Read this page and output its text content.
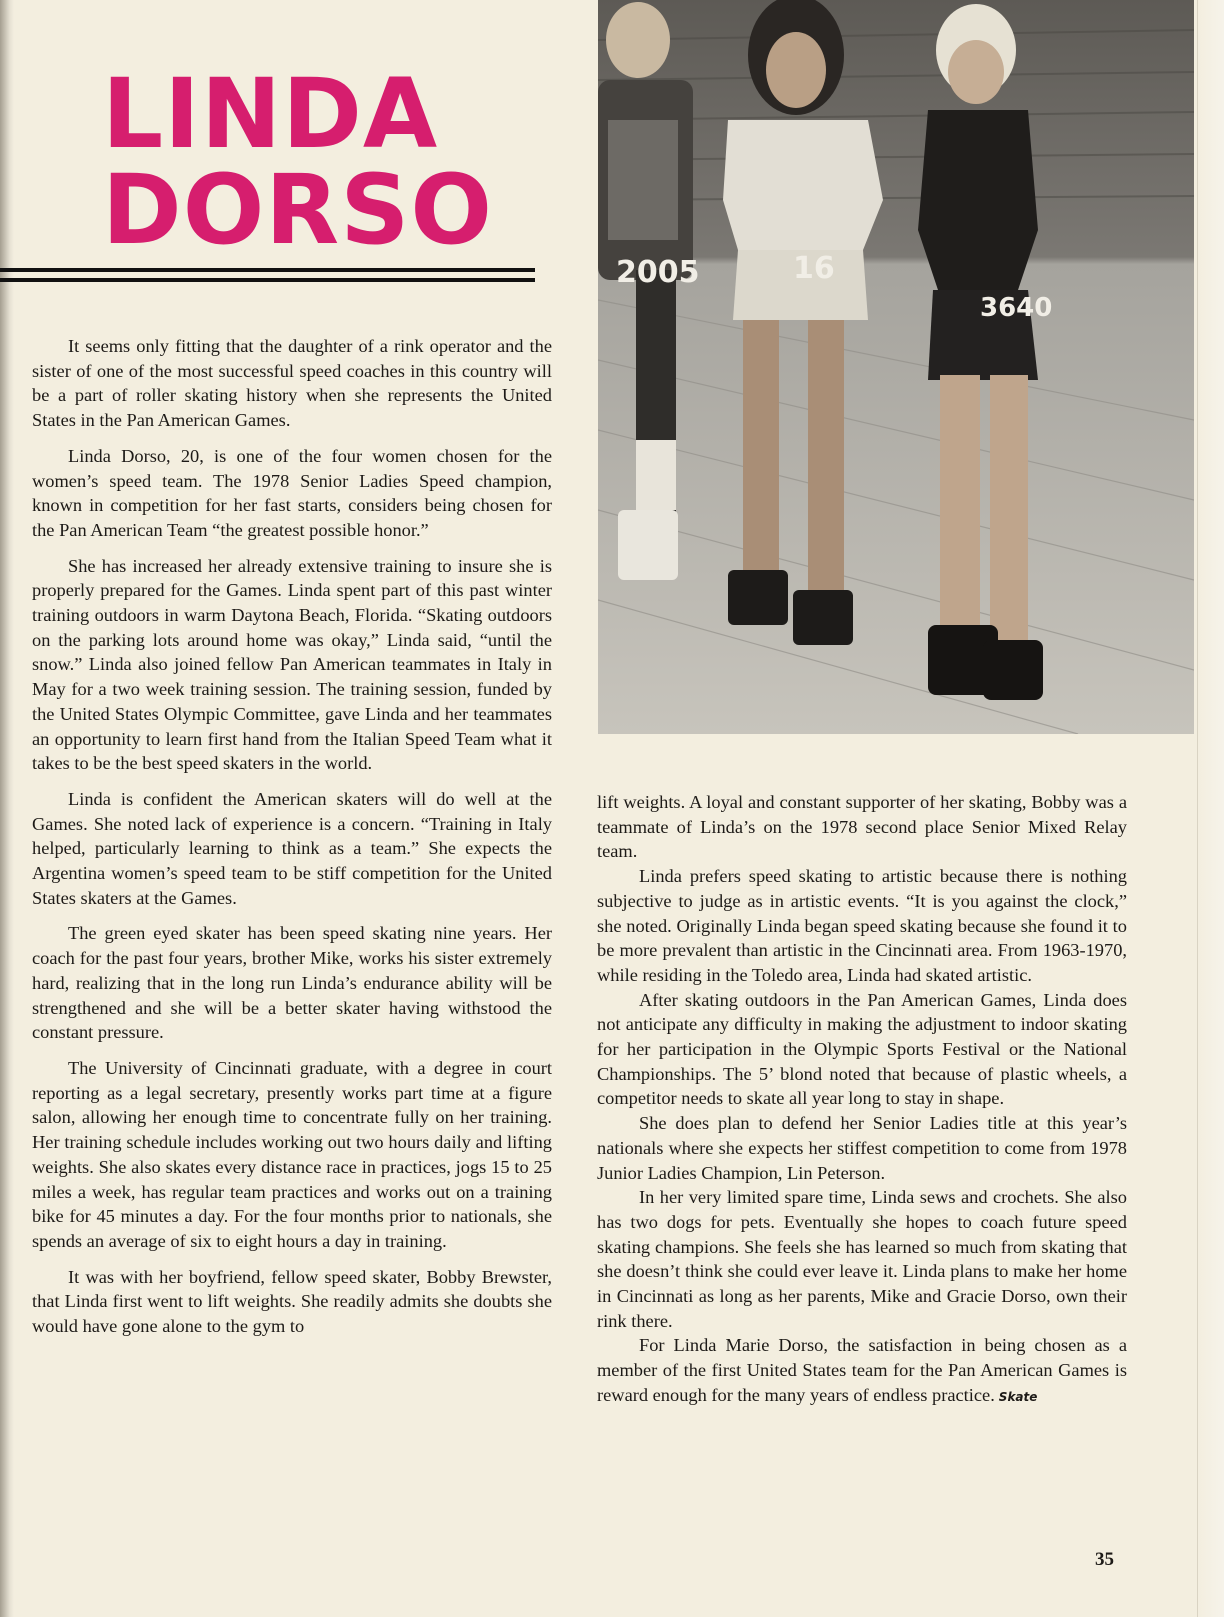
LINDA
DORSO
16
2005
3640

It seems only fitting that the daughter of a rink operator and the sister of one of the most successful speed coaches in this country will be a part of roller skating history when she represents the United States in the Pan American Games.

Linda Dorso, 20, is one of the four women chosen for the women’s speed team. The 1978 Senior Ladies Speed champion, known in competition for her fast starts, considers being chosen for the Pan American Team “the greatest possible honor.”

She has increased her already extensive training to insure she is properly prepared for the Games. Linda spent part of this past winter training outdoors in warm Daytona Beach, Florida. “Skating outdoors on the parking lots around home was okay,” Linda said, “until the snow.” Linda also joined fellow Pan American teammates in Italy in May for a two week training session. The training session, funded by the United States Olympic Committee, gave Linda and her teammates an opportunity to learn first hand from the Italian Speed Team what it takes to be the best speed skaters in the world.

Linda is confident the American skaters will do well at the Games. She noted lack of experience is a concern. “Training in Italy helped, particularly learning to think as a team.” She expects the Argentina women’s speed team to be stiff competition for the United States skaters at the Games.

The green eyed skater has been speed skating nine years. Her coach for the past four years, brother Mike, works his sister extremely hard, realizing that in the long run Linda’s endurance ability will be strengthened and she will be a better skater having withstood the constant pressure.

The University of Cincinnati graduate, with a degree in court reporting as a legal secretary, presently works part time at a figure salon, allowing her enough time to concentrate fully on her training. Her training schedule includes working out two hours daily and lifting weights. She also skates every distance race in practices, jogs 15 to 25 miles a week, has regular team practices and works out on a training bike for 45 minutes a day. For the four months prior to nationals, she spends an average of six to eight hours a day in training.

It was with her boyfriend, fellow speed skater, Bobby Brewster, that Linda first went to lift weights. She readily admits she doubts she would have gone alone to the gym to

lift weights. A loyal and constant supporter of her skating, Bobby was a teammate of Linda’s on the 1978 second place Senior Mixed Relay team.

Linda prefers speed skating to artistic because there is nothing subjective to judge as in artistic events. “It is you against the clock,” she noted. Originally Linda began speed skating because she found it to be more prevalent than artistic in the Cincinnati area. From 1963-1970, while residing in the Toledo area, Linda had skated artistic.

After skating outdoors in the Pan American Games, Linda does not anticipate any difficulty in making the adjustment to indoor skating for her participation in the Olympic Sports Festival or the National Championships. The 5’ blond noted that because of plastic wheels, a competitor needs to skate all year long to stay in shape.

She does plan to defend her Senior Ladies title at this year’s nationals where she expects her stiffest competition to come from 1978 Junior Ladies Champion, Lin Peterson.

In her very limited spare time, Linda sews and crochets. She also has two dogs for pets. Eventually she hopes to coach future speed skating champions. She feels she has learned so much from skating that she doesn’t think she could ever leave it. Linda plans to make her home in Cincinnati as long as her parents, Mike and Gracie Dorso, own their rink there.

For Linda Marie Dorso, the satisfaction in being chosen as a member of the first United States team for the Pan American Games is reward enough for the many years of endless practice. Skate

35
